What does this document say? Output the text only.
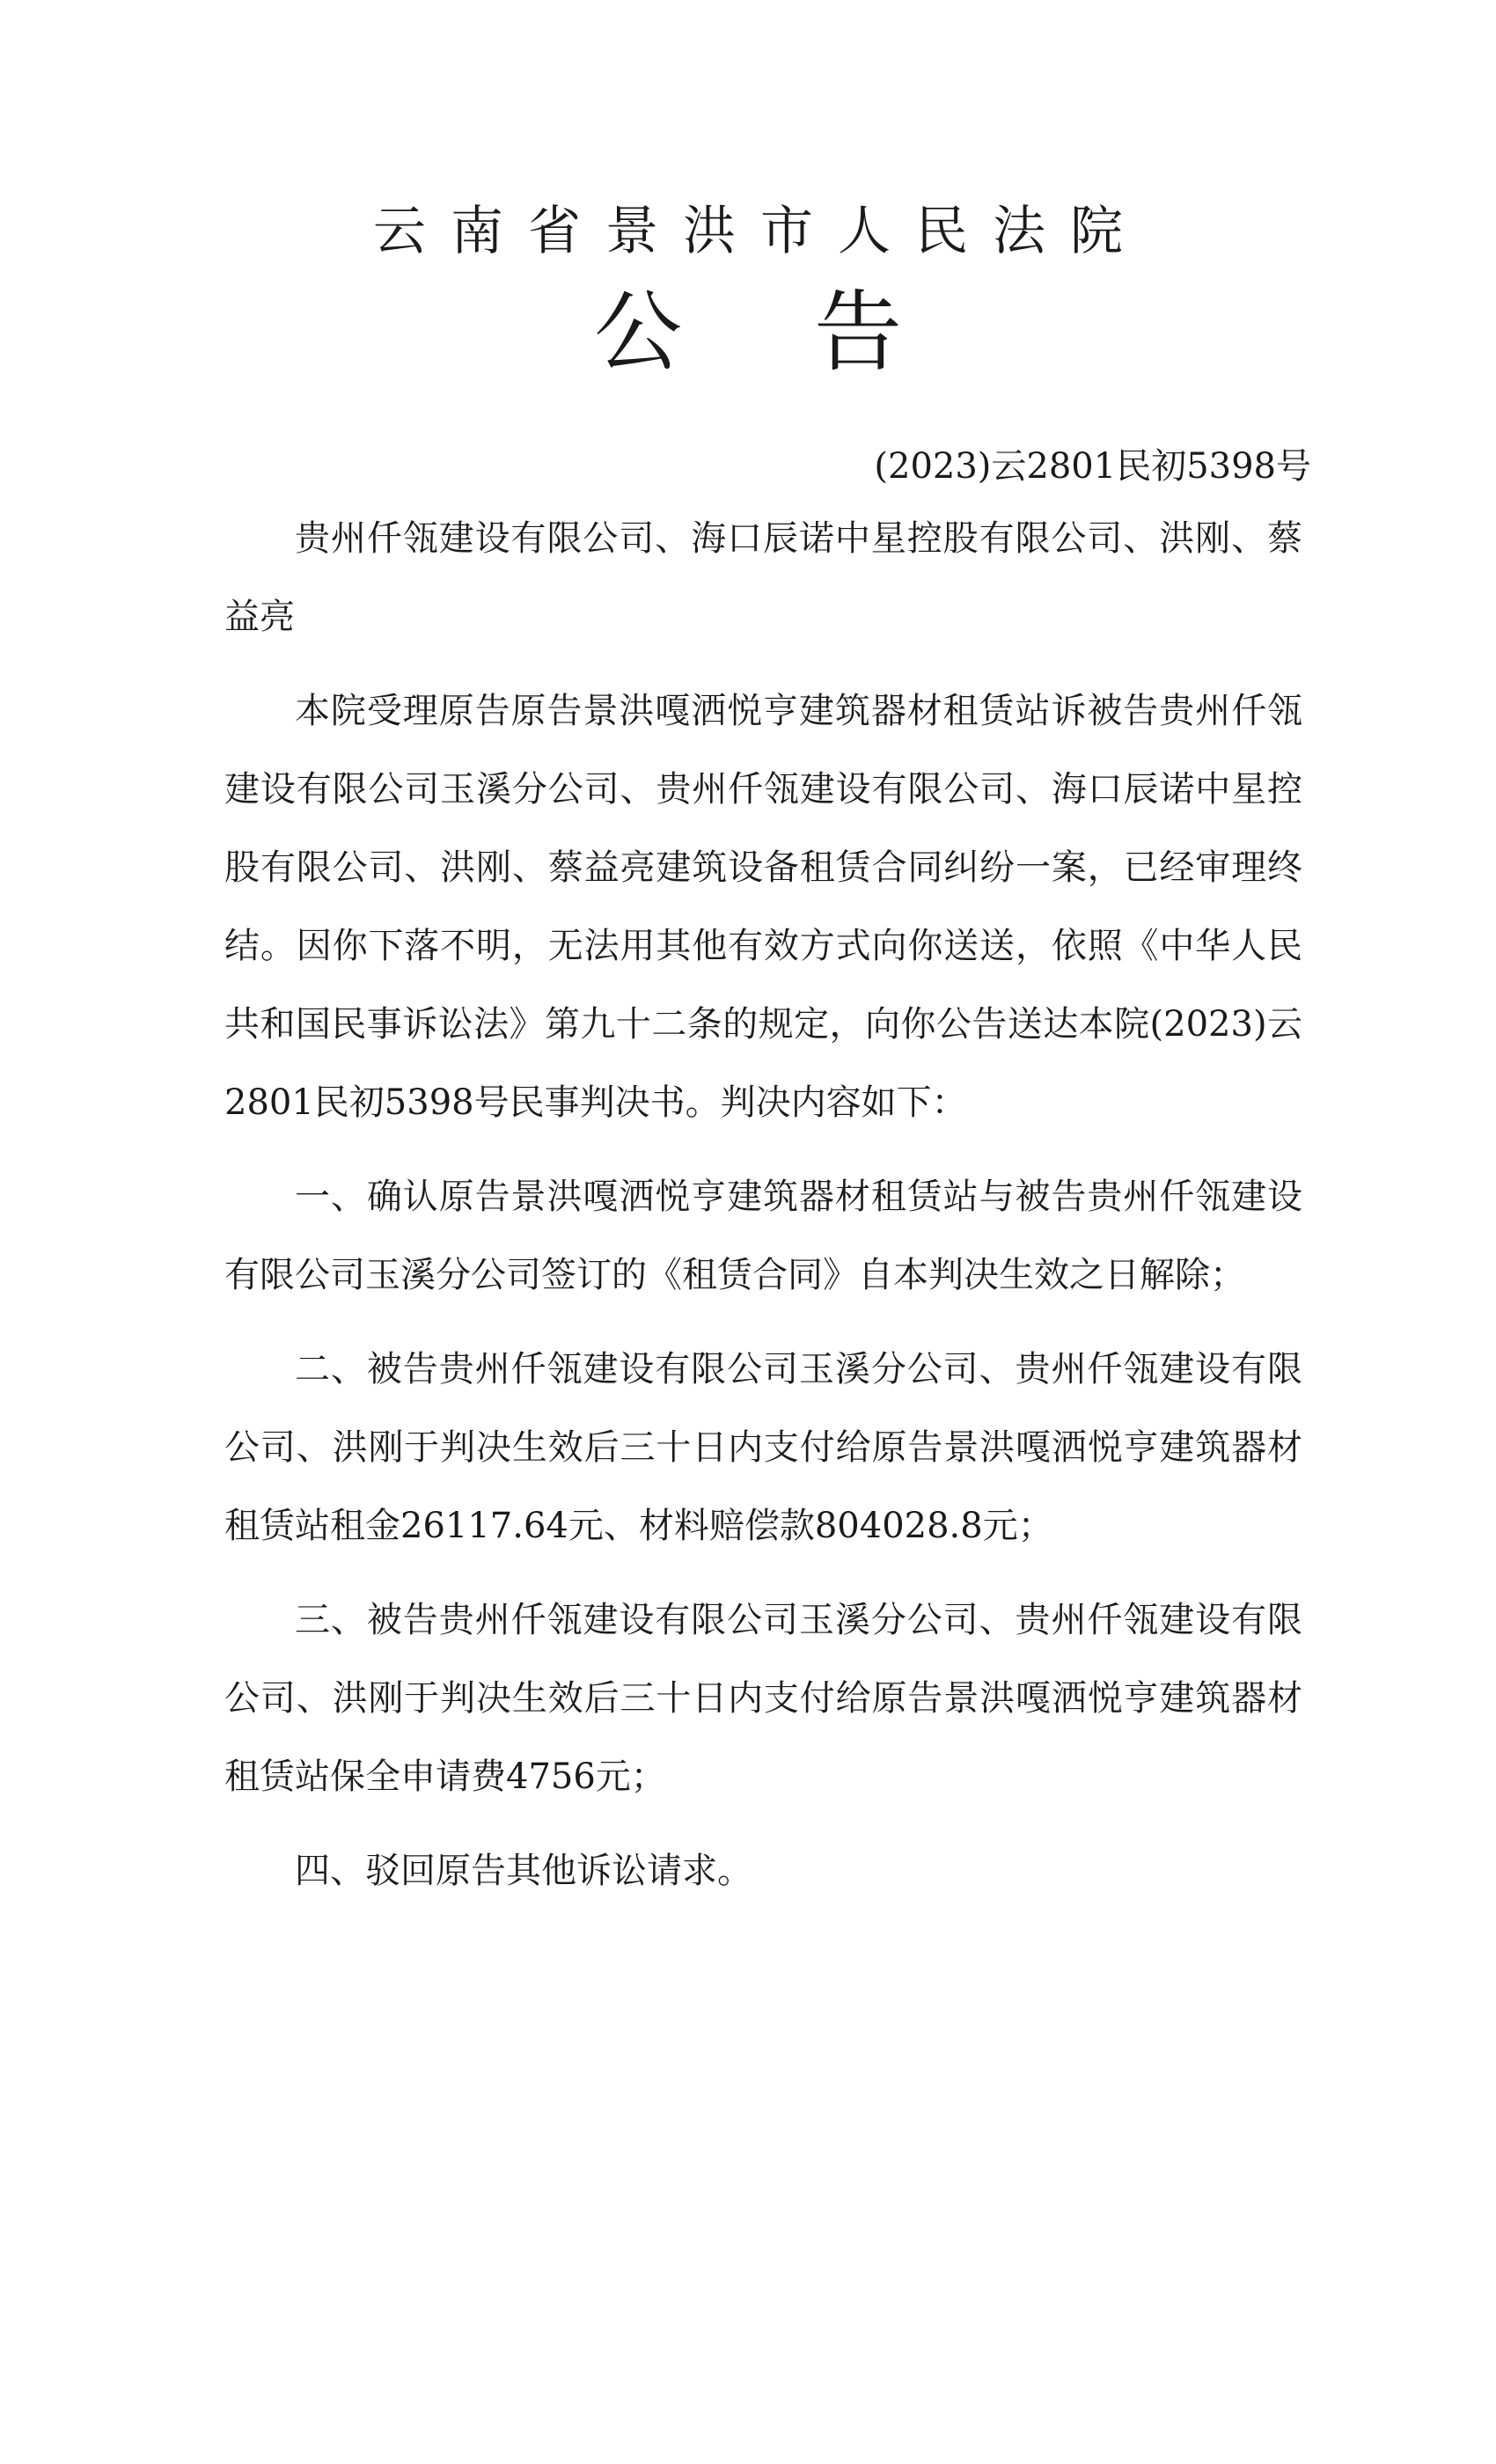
云南省景洪市人民法院
公 告
(2023)云2801民初5398号

贵州仟瓴建设有限公司、海口辰诺中星控股有限公司、洪刚、蔡益亮

本院受理原告原告景洪嘎洒悦亨建筑器材租赁站诉被告贵州仟瓴建设有限公司玉溪分公司、贵州仟瓴建设有限公司、海口辰诺中星控股有限公司、洪刚、蔡益亮建筑设备租赁合同纠纷一案，已经审理终结。因你下落不明，无法用其他有效方式向你送送，依照《中华人民共和国民事诉讼法》第九十二条的规定，向你公告送达本院(2023)云2801民初5398号民事判决书。判决内容如下：

一、确认原告景洪嘎洒悦亨建筑器材租赁站与被告贵州仟瓴建设有限公司玉溪分公司签订的《租赁合同》自本判决生效之日解除；

二、被告贵州仟瓴建设有限公司玉溪分公司、贵州仟瓴建设有限公司、洪刚于判决生效后三十日内支付给原告景洪嘎洒悦亨建筑器材租赁站租金26117.64元、材料赔偿款804028.8元；

三、被告贵州仟瓴建设有限公司玉溪分公司、贵州仟瓴建设有限公司、洪刚于判决生效后三十日内支付给原告景洪嘎洒悦亨建筑器材租赁站保全申请费4756元；

四、驳回原告其他诉讼请求。
